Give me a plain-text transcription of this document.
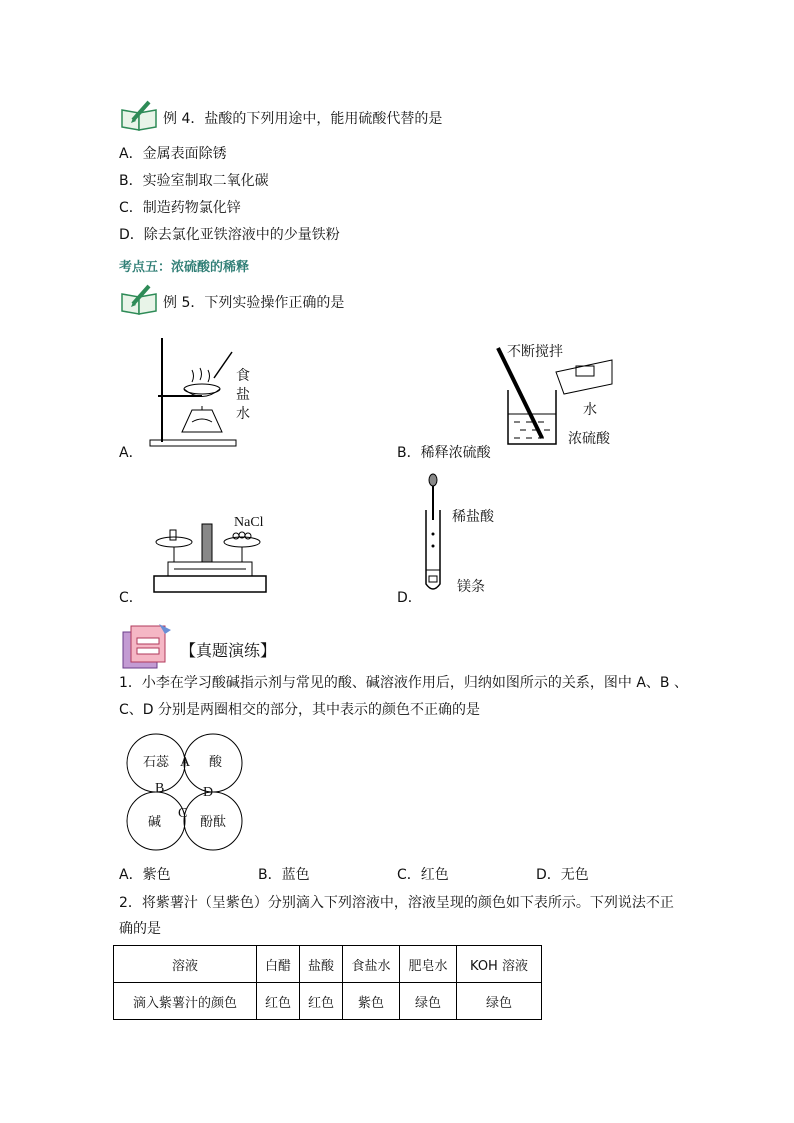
例 4．盐酸的下列用途中，能用硫酸代替的是
A．金属表面除锈
B．实验室制取二氧化碳
C．制造药物氯化锌
D．除去氯化亚铁溶液中的少量铁粉
考点五：浓硫酸的稀释
例 5．下列实验操作正确的是
食
盐
水
A．
不断搅拌
水
浓硫酸
B．稀释浓硫酸
NaCl
C．
稀盐酸
镁条
D．
【真题演练】
1．小李在学习酸碱指示剂与常见的酸、碱溶液作用后，归纳如图所示的关系，图中 A、B 、
C、D 分别是两圈相交的部分，其中表示的颜色不正确的是
石蕊	酸
碱	酚酞
A
B
C
D
A．紫色	B．蓝色	C．红色	D．无色
2．将紫薯汁（呈紫色）分别滴入下列溶液中，溶液呈现的颜色如下表所示。下列说法不正
确的是
溶液	白醋	盐酸	食盐水	肥皂水	KOH 溶液
滴入紫薯汁的颜色	红色	红色	紫色	绿色	绿色
